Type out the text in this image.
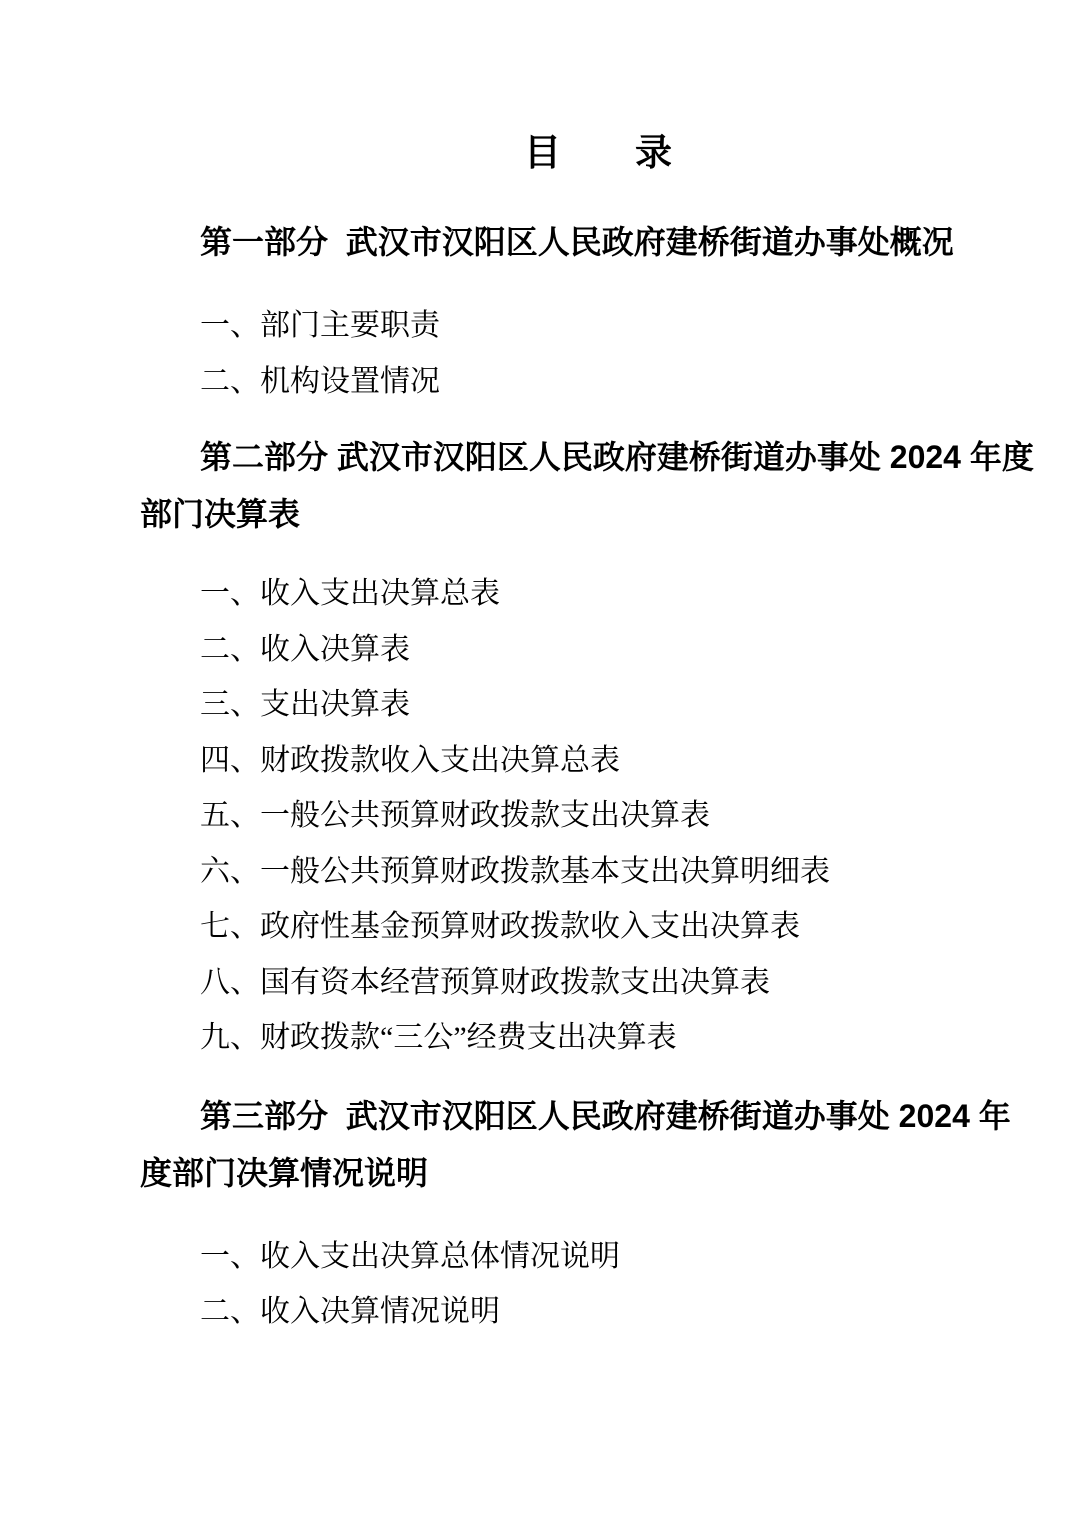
目　　录
第一部分  武汉市汉阳区人民政府建桥街道办事处概况

一、部门主要职责

二、机构设置情况

第二部分 武汉市汉阳区人民政府建桥街道办事处 2024 年度
部门决算表

一、收入支出决算总表

二、收入决算表

三、支出决算表

四、财政拨款收入支出决算总表

五、一般公共预算财政拨款支出决算表

六、一般公共预算财政拨款基本支出决算明细表

七、政府性基金预算财政拨款收入支出决算表

八、国有资本经营预算财政拨款支出决算表

九、财政拨款“三公”经费支出决算表

第三部分  武汉市汉阳区人民政府建桥街道办事处 2024 年
度部门决算情况说明

一、收入支出决算总体情况说明

二、收入决算情况说明
